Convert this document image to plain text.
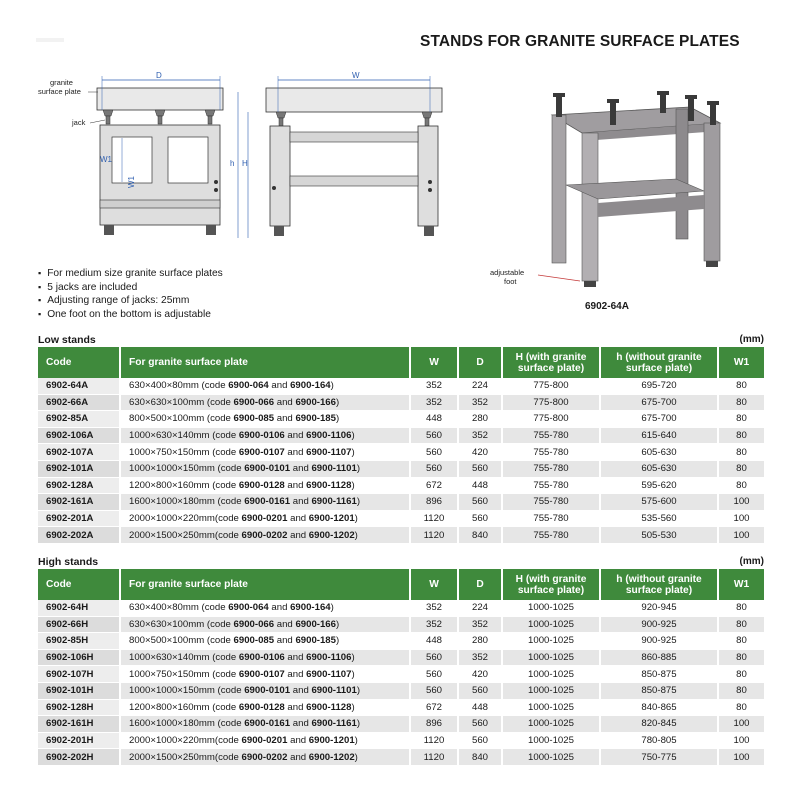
STANDS FOR GRANITE SURFACE PLATES
D
W1
W1
granite
surface plate
jack
W
h H
adjustable
foot
6902-64A
▪ For medium size granite surface plates
▪ 5 jacks are included
▪ Adjusting range of jacks: 25mm
▪ One foot on the bottom is adjustable
Low stands	(mm)
Code	For granite surface plate	W	D	H (with granite surface plate)	h (without granite surface plate)	W1
6902-64A	630×400×80mm (code 6900-064 and 6900-164)	352	224	775-800	695-720	80
6902-66A	630×630×100mm (code 6900-066 and 6900-166)	352	352	775-800	675-700	80
6902-85A	800×500×100mm (code 6900-085 and 6900-185)	448	280	775-800	675-700	80
6902-106A	1000×630×140mm (code 6900-0106 and 6900-1106)	560	352	755-780	615-640	80
6902-107A	1000×750×150mm (code 6900-0107 and 6900-1107)	560	420	755-780	605-630	80
6902-101A	1000×1000×150mm (code 6900-0101 and 6900-1101)	560	560	755-780	605-630	80
6902-128A	1200×800×160mm (code 6900-0128 and 6900-1128)	672	448	755-780	595-620	80
6902-161A	1600×1000×180mm (code 6900-0161 and 6900-1161)	896	560	755-780	575-600	100
6902-201A	2000×1000×220mm(code 6900-0201 and 6900-1201)	1120	560	755-780	535-560	100
6902-202A	2000×1500×250mm(code 6900-0202 and 6900-1202)	1120	840	755-780	505-530	100
High stands	(mm)
Code	For granite surface plate	W	D	H (with granite surface plate)	h (without granite surface plate)	W1
6902-64H	630×400×80mm (code 6900-064 and 6900-164)	352	224	1000-1025	920-945	80
6902-66H	630×630×100mm (code 6900-066 and 6900-166)	352	352	1000-1025	900-925	80
6902-85H	800×500×100mm (code 6900-085 and 6900-185)	448	280	1000-1025	900-925	80
6902-106H	1000×630×140mm (code 6900-0106 and 6900-1106)	560	352	1000-1025	860-885	80
6902-107H	1000×750×150mm (code 6900-0107 and 6900-1107)	560	420	1000-1025	850-875	80
6902-101H	1000×1000×150mm (code 6900-0101 and 6900-1101)	560	560	1000-1025	850-875	80
6902-128H	1200×800×160mm (code 6900-0128 and 6900-1128)	672	448	1000-1025	840-865	80
6902-161H	1600×1000×180mm (code 6900-0161 and 6900-1161)	896	560	1000-1025	820-845	100
6902-201H	2000×1000×220mm(code 6900-0201 and 6900-1201)	1120	560	1000-1025	780-805	100
6902-202H	2000×1500×250mm(code 6900-0202 and 6900-1202)	1120	840	1000-1025	750-775	100
